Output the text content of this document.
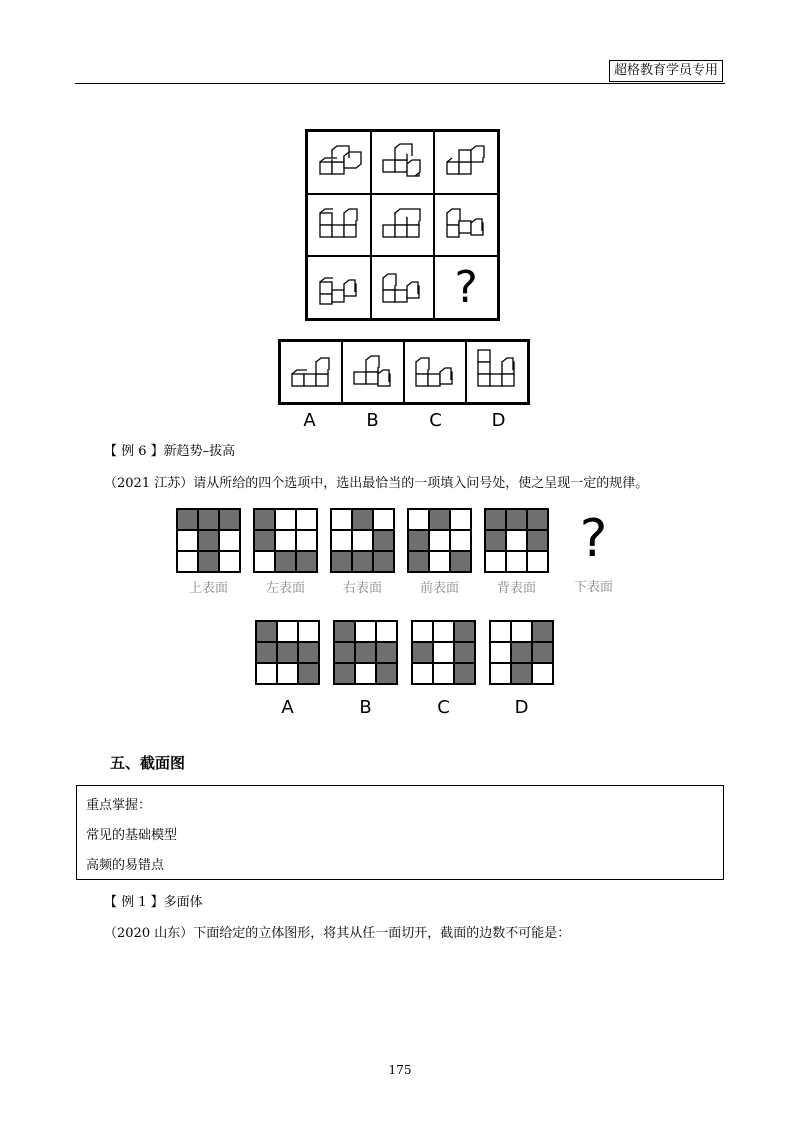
超格教育学员专用
?
A	B	C	D
【 例 6 】新趋势–拔高
（2021 江苏）请从所给的四个选项中，选出最恰当的一项填入问号处，使之呈现一定的规律。
上表面	左表面	右表面	前表面	背表面
?
下表面
A	B	C	D
五、截面图
重点掌握：
常见的基础模型
高频的易错点
【 例 1 】多面体
（2020 山东）下面给定的立体图形，将其从任一面切开，截面的边数不可能是：
175
